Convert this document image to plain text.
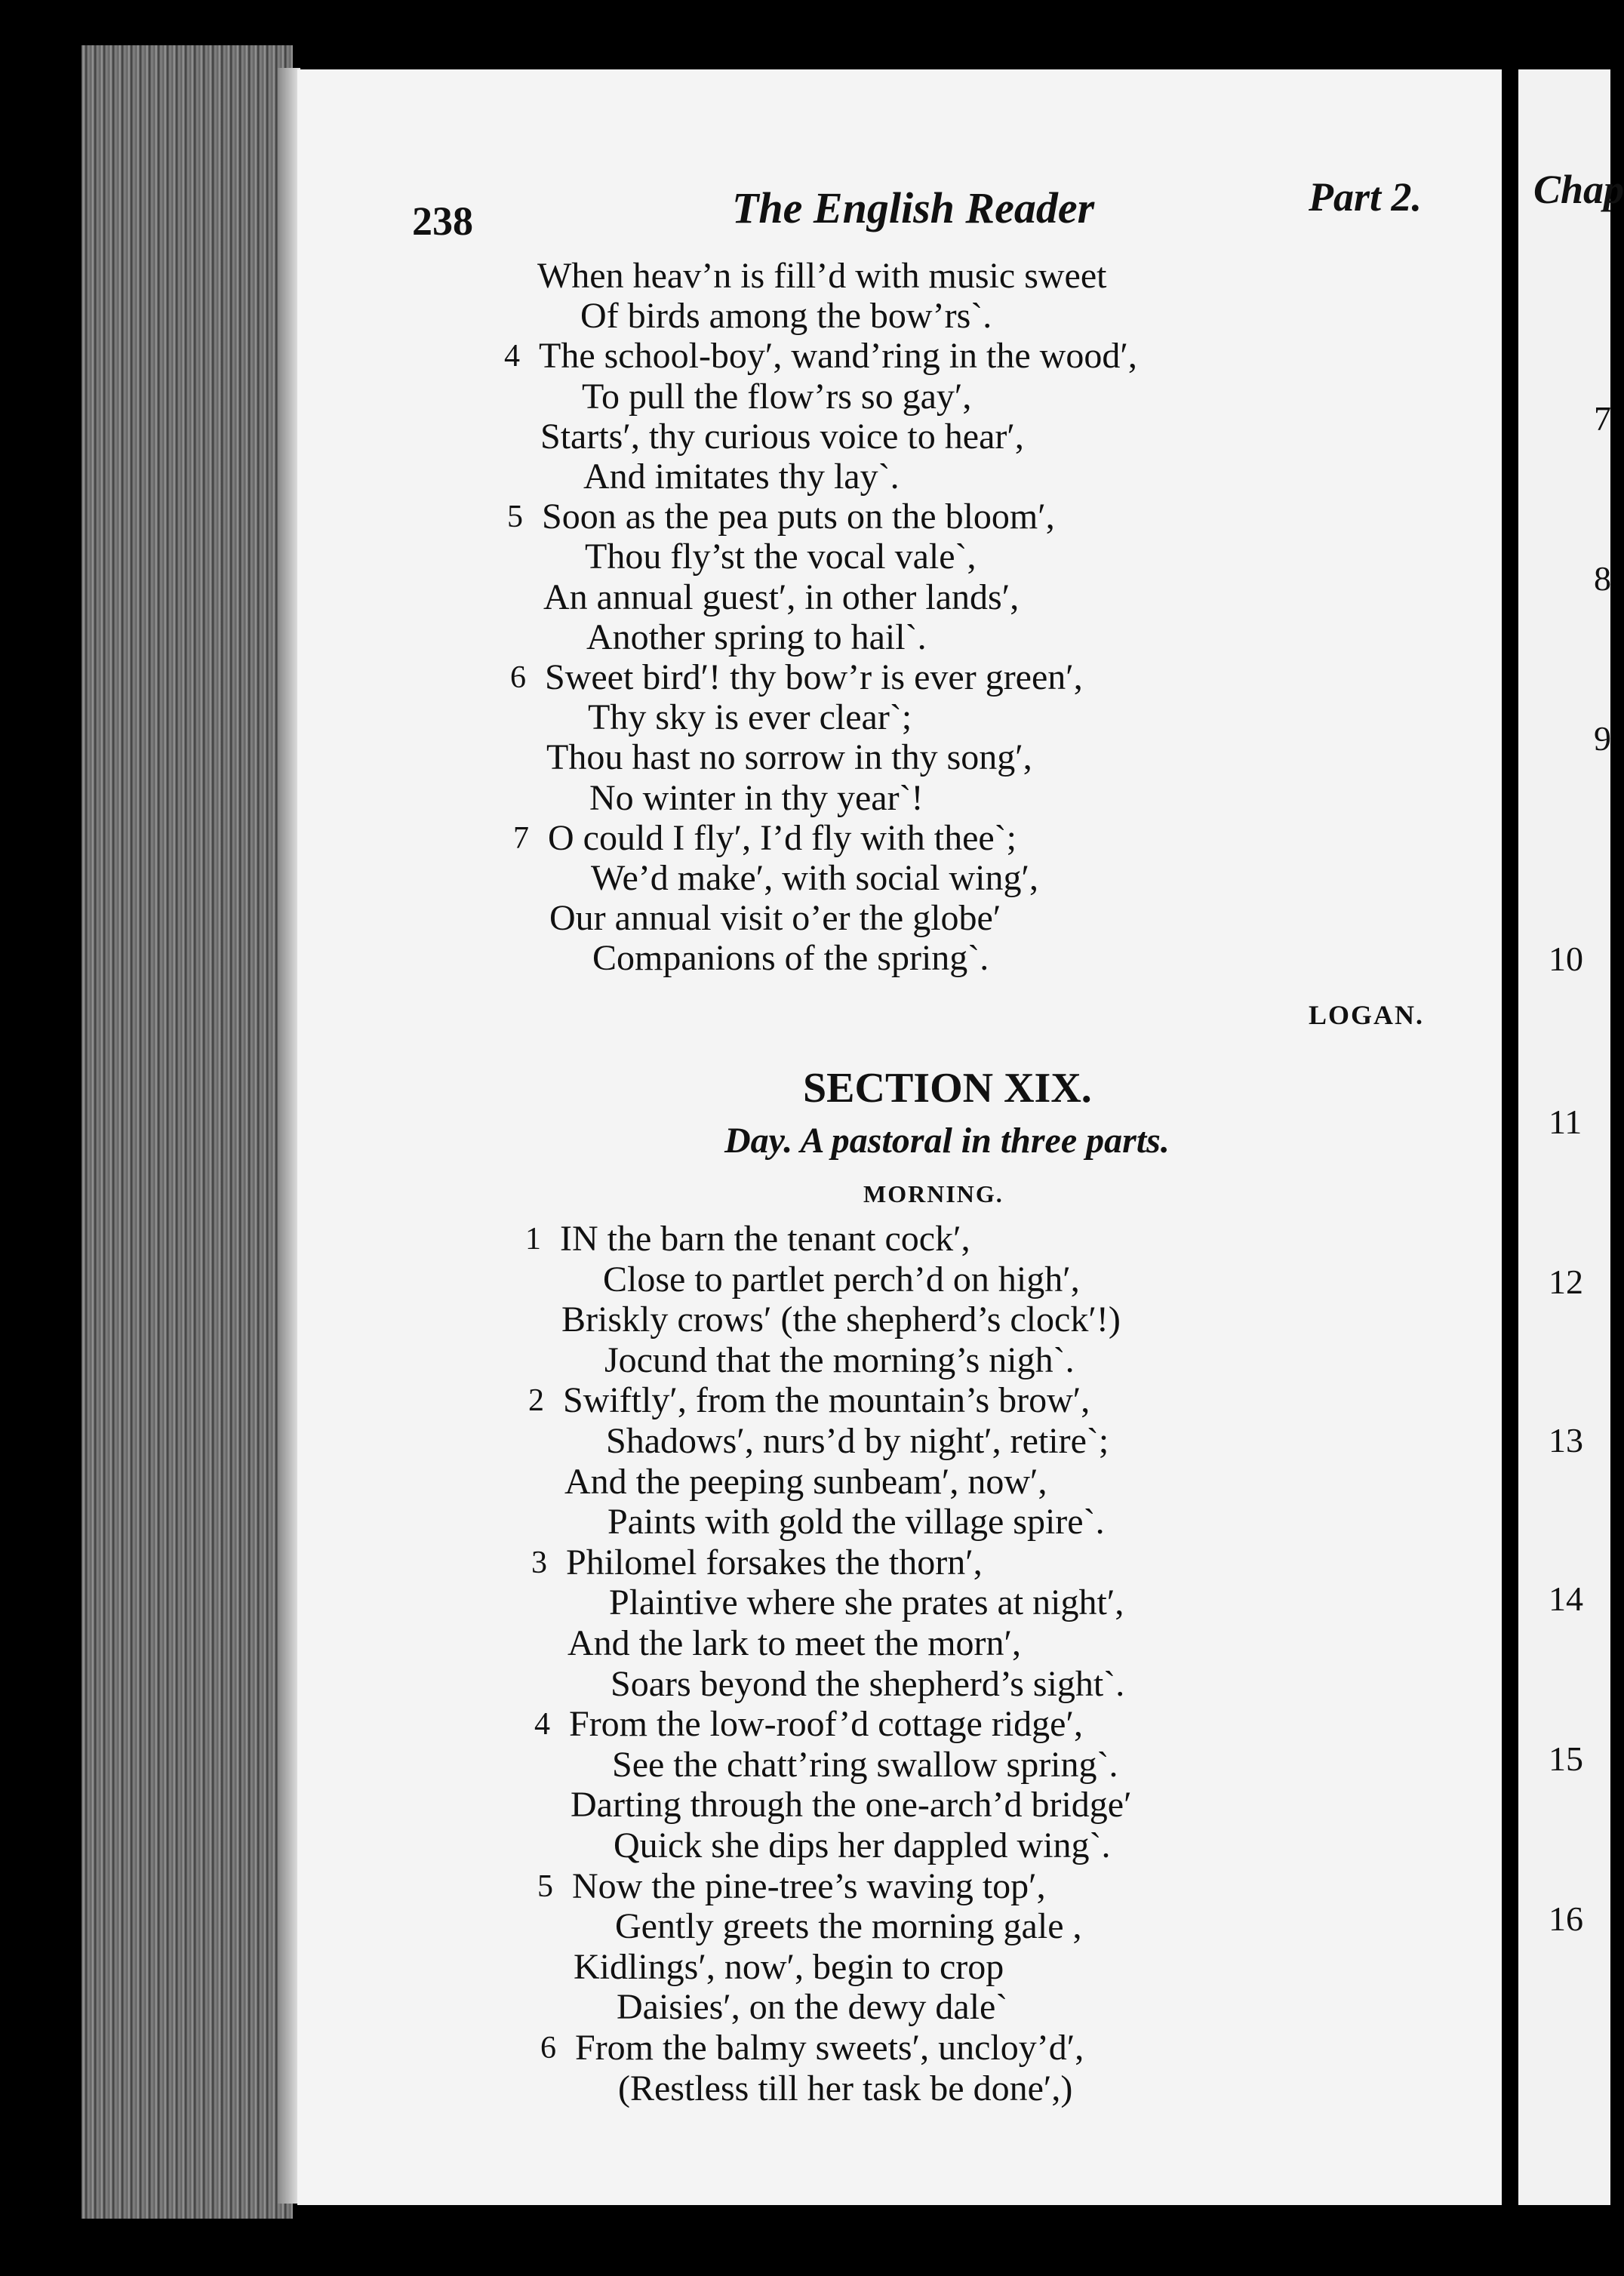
238	The English Reader	Part 2.
When heav’n is fill’d with music sweet
Of birds among the bow’rs`.
4 The school-boy′, wand’ring in the wood′,
To pull the flow’rs so gay′,
Starts′, thy curious voice to hear′,
And imitates thy lay`.
5 Soon as the pea puts on the bloom′,
Thou fly’st the vocal vale`,
An annual guest′, in other lands′,
Another spring to hail`.
6 Sweet bird′! thy bow’r is ever green′,
Thy sky is ever clear`;
Thou hast no sorrow in thy song′,
No winter in thy year`!
7 O could I fly′, I’d fly with thee`;
We’d make′, with social wing′,
Our annual visit o’er the globe′
Companions of the spring`.
LOGAN.
SECTION XIX.
Day. A pastoral in three parts.
MORNING.
1 IN the barn the tenant cock′,
Close to partlet perch’d on high′,
Briskly crows′ (the shepherd’s clock′!)
Jocund that the morning’s nigh`.
2 Swiftly′, from the mountain’s brow′,
Shadows′, nurs’d by night′, retire`;
And the peeping sunbeam′, now′,
Paints with gold the village spire`.
3 Philomel forsakes the thorn′,
Plaintive where she prates at night′,
And the lark to meet the morn′,
Soars beyond the shepherd’s sight`.
4 From the low-roof’d cottage ridge′,
See the chatt’ring swallow spring`.
Darting through the one-arch’d bridge′
Quick she dips her dappled wing`.
5 Now the pine-tree’s waving top′,
Gently greets the morning gale ,
Kidlings′, now′, begin to crop
Daisies′, on the dewy dale`
6 From the balmy sweets′, uncloy’d′,
(Restless till her task be done′,)
Chap
7
8
9
10
11
12
13
14
15
16
